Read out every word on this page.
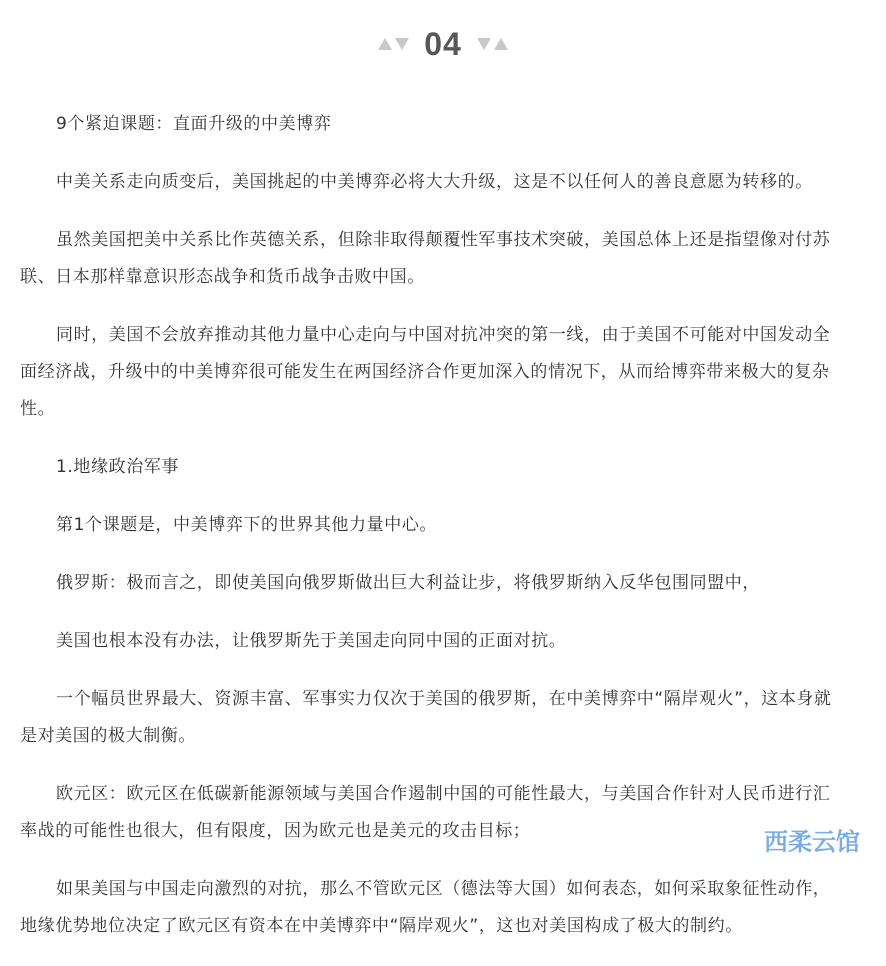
04

9个紧迫课题：直面升级的中美博弈

中美关系走向质变后，美国挑起的中美博弈必将大大升级，这是不以任何人的善良意愿为转移的。

虽然美国把美中关系比作英德关系，但除非取得颠覆性军事技术突破，美国总体上还是指望像对付苏联、日本那样靠意识形态战争和货币战争击败中国。

同时，美国不会放弃推动其他力量中心走向与中国对抗冲突的第一线，由于美国不可能对中国发动全面经济战，升级中的中美博弈很可能发生在两国经济合作更加深入的情况下，从而给博弈带来极大的复杂性。

1.地缘政治军事

第1个课题是，中美博弈下的世界其他力量中心。

俄罗斯：极而言之，即使美国向俄罗斯做出巨大利益让步，将俄罗斯纳入反华包围同盟中，

美国也根本没有办法，让俄罗斯先于美国走向同中国的正面对抗。

一个幅员世界最大、资源丰富、军事实力仅次于美国的俄罗斯，在中美博弈中“隔岸观火”，这本身就是对美国的极大制衡。

欧元区：欧元区在低碳新能源领域与美国合作遏制中国的可能性最大，与美国合作针对人民币进行汇率战的可能性也很大，但有限度，因为欧元也是美元的攻击目标；

如果美国与中国走向激烈的对抗，那么不管欧元区（德法等大国）如何表态，如何采取象征性动作，地缘优势地位决定了欧元区有资本在中美博弈中“隔岸观火”，这也对美国构成了极大的制约。

西柔云馆
